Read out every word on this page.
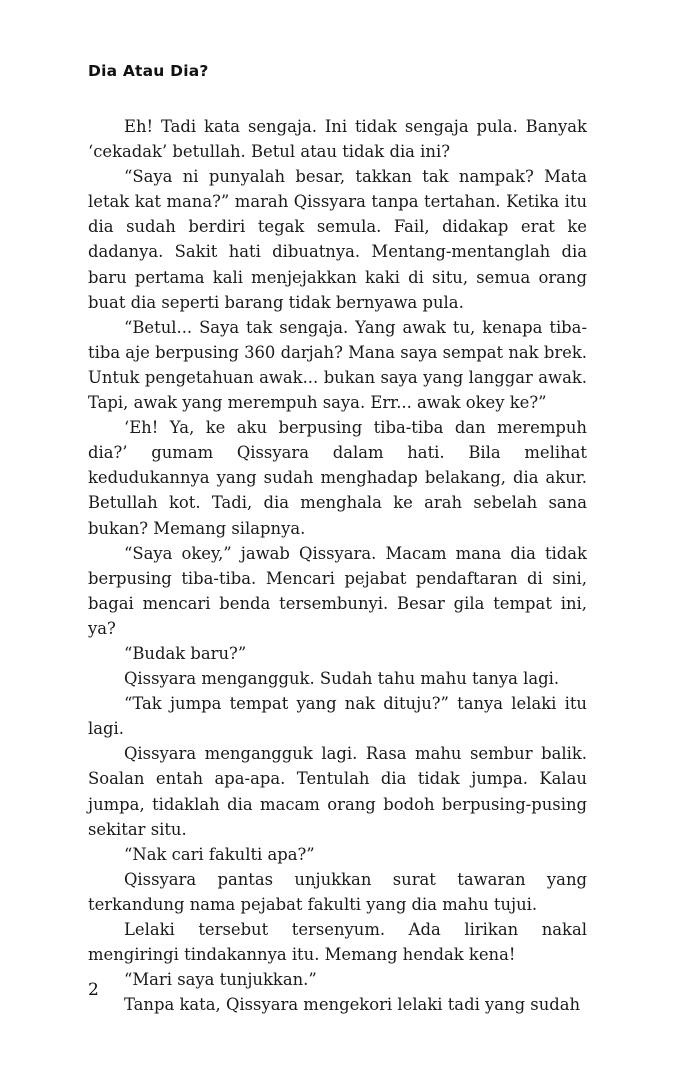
Dia Atau Dia?

Eh! Tadi kata sengaja. Ini tidak sengaja pula. Banyak ‘cekadak’ betullah. Betul atau tidak dia ini?

“Saya ni punyalah besar, takkan tak nampak? Mata letak kat mana?” marah Qissyara tanpa tertahan. Ketika itu dia sudah berdiri tegak semula. Fail, didakap erat ke dadanya. Sakit hati dibuatnya. Mentang-mentanglah dia baru pertama kali menjejakkan kaki di situ, semua orang buat dia seperti barang tidak bernyawa pula.

“Betul... Saya tak sengaja. Yang awak tu, kenapa tiba-tiba aje berpusing 360 darjah? Mana saya sempat nak brek. Untuk pengetahuan awak... bukan saya yang langgar awak. Tapi, awak yang merempuh saya. Err... awak okey ke?”

‘Eh! Ya, ke aku berpusing tiba-tiba dan merempuh dia?’ gumam Qissyara dalam hati. Bila melihat kedudukannya yang sudah menghadap belakang, dia akur. Betullah kot. Tadi, dia menghala ke arah sebelah sana bukan? Memang silapnya.

“Saya okey,” jawab Qissyara. Macam mana dia tidak berpusing tiba-tiba. Mencari pejabat pendaftaran di sini, bagai mencari benda tersembunyi. Besar gila tempat ini, ya?

“Budak baru?”

Qissyara mengangguk. Sudah tahu mahu tanya lagi.

“Tak jumpa tempat yang nak dituju?” tanya lelaki itu lagi.

Qissyara mengangguk lagi. Rasa mahu sembur balik. Soalan entah apa-apa. Tentulah dia tidak jumpa. Kalau jumpa, tidaklah dia macam orang bodoh berpusing-pusing sekitar situ.

“Nak cari fakulti apa?”

Qissyara pantas unjukkan surat tawaran yang terkandung nama pejabat fakulti yang dia mahu tujui.

Lelaki tersebut tersenyum. Ada lirikan nakal mengiringi tindakannya itu. Memang hendak kena!

“Mari saya tunjukkan.”

Tanpa kata, Qissyara mengekori lelaki tadi yang sudah

2
